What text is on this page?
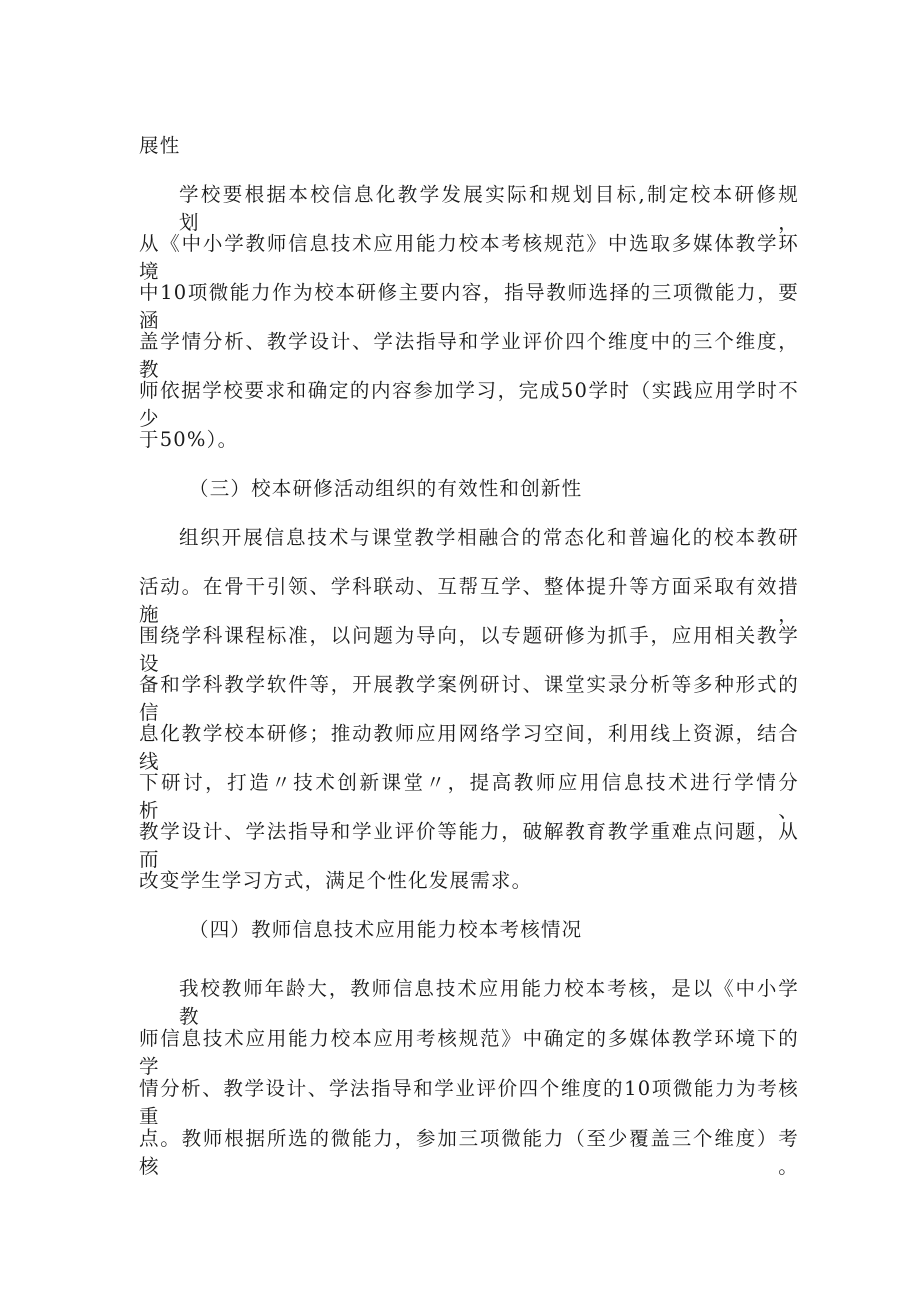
展性
学校要根据本校信息化教学发展实际和规划目标,制定校本研修规划，
从《中小学教师信息技术应用能力校本考核规范》中选取多媒体教学环境
中10项微能力作为校本研修主要内容，指导教师选择的三项微能力，要涵
盖学情分析、教学设计、学法指导和学业评价四个维度中的三个维度，教
师依据学校要求和确定的内容参加学习，完成50学时（实践应用学时不少
于50%）。
（三）校本研修活动组织的有效性和创新性
组织开展信息技术与课堂教学相融合的常态化和普遍化的校本教研
活动。在骨干引领、学科联动、互帮互学、整体提升等方面采取有效措施，
围绕学科课程标准，以问题为导向，以专题研修为抓手，应用相关教学设
备和学科教学软件等，开展教学案例研讨、课堂实录分析等多种形式的信
息化教学校本研修；推动教师应用网络学习空间，利用线上资源，结合线
下研讨，打造〃技术创新课堂〃，提高教师应用信息技术进行学情分析、
教学设计、学法指导和学业评价等能力，破解教育教学重难点问题，从而
改变学生学习方式，满足个性化发展需求。
（四）教师信息技术应用能力校本考核情况
我校教师年龄大，教师信息技术应用能力校本考核，是以《中小学教
师信息技术应用能力校本应用考核规范》中确定的多媒体教学环境下的学
情分析、教学设计、学法指导和学业评价四个维度的10项微能力为考核重
点。教师根据所选的微能力，参加三项微能力（至少覆盖三个维度）考核。
